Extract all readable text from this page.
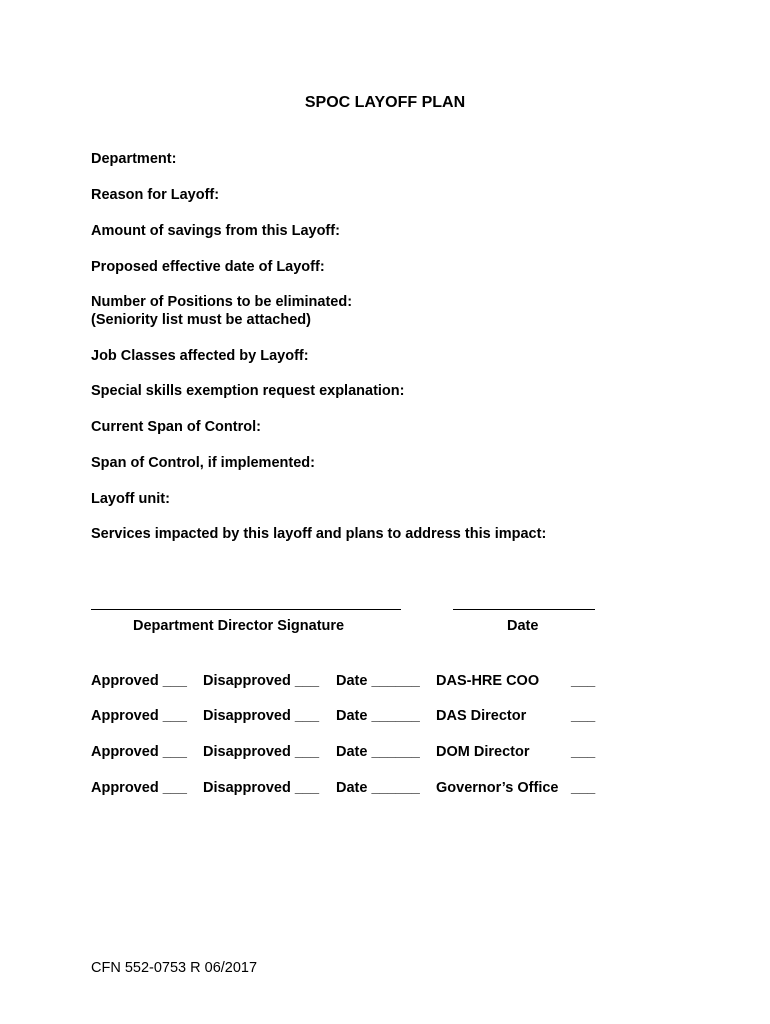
SPOC LAYOFF PLAN
Department:
Reason for Layoff:
Amount of savings from this Layoff:
Proposed effective date of Layoff:
Number of Positions to be eliminated:
(Seniority list must be attached)
Job Classes affected by Layoff:
Special skills exemption request explanation:
Current Span of Control:
Span of Control, if implemented:
Layoff unit:
Services impacted by this layoff and plans to address this impact:
Department Director Signature	Date
Approved ___ Disapproved ___ Date ______ DAS-HRE COO ___
Approved ___ Disapproved ___ Date ______ DAS Director	___
Approved ___ Disapproved ___ Date ______ DOM Director	___
Approved ___ Disapproved ___ Date ______ Governor’s Office ___
CFN 552-0753 R 06/2017
